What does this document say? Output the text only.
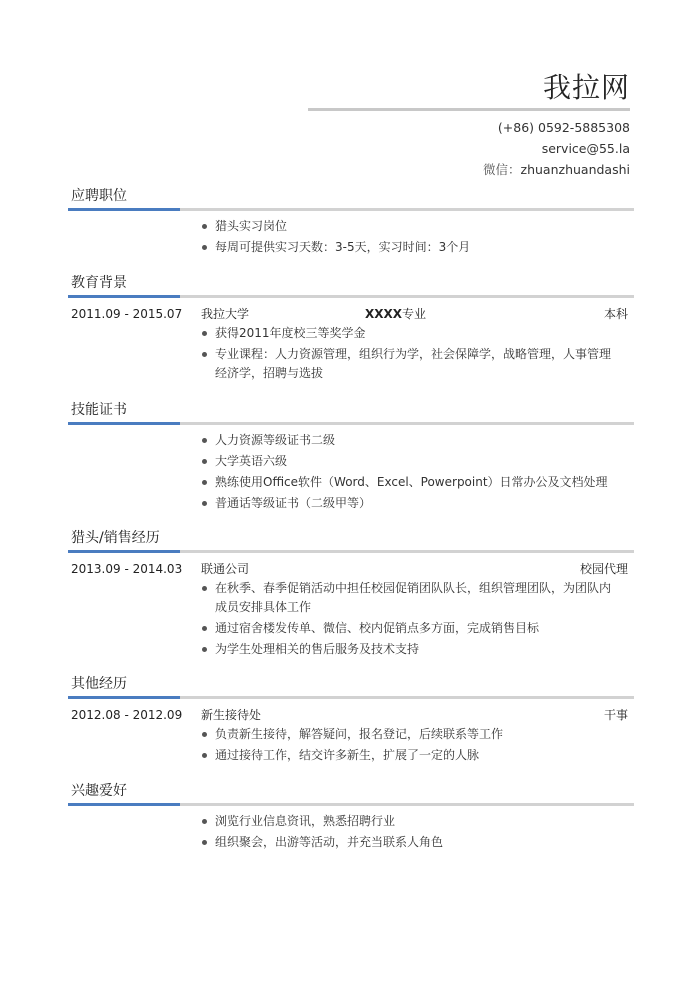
我拉网
(+86) 0592-5885308
service@55.la
微信：zhuanzhuandashi
应聘职位
猎头实习岗位
每周可提供实习天数：3-5天，实习时间：3个月
教育背景
2011.09 - 2015.07 我拉大学	XXXX专业	本科
获得2011年度校三等奖学金
专业课程：人力资源管理，组织行为学，社会保障学，战略管理，人事管理经济学，招聘与选拔
技能证书
人力资源等级证书二级
大学英语六级
熟练使用Office软件（Word、Excel、Powerpoint）日常办公及文档处理
普通话等级证书（二级甲等）
猎头/销售经历
2013.09 - 2014.03 联通公司	校园代理
在秋季、春季促销活动中担任校园促销团队队长，组织管理团队，为团队内成员安排具体工作
通过宿舍楼发传单、微信、校内促销点多方面，完成销售目标
为学生处理相关的售后服务及技术支持
其他经历
2012.08 - 2012.09 新生接待处	干事
负责新生接待，解答疑问，报名登记，后续联系等工作
通过接待工作，结交许多新生，扩展了一定的人脉
兴趣爱好
浏览行业信息资讯，熟悉招聘行业
组织聚会，出游等活动，并充当联系人角色
